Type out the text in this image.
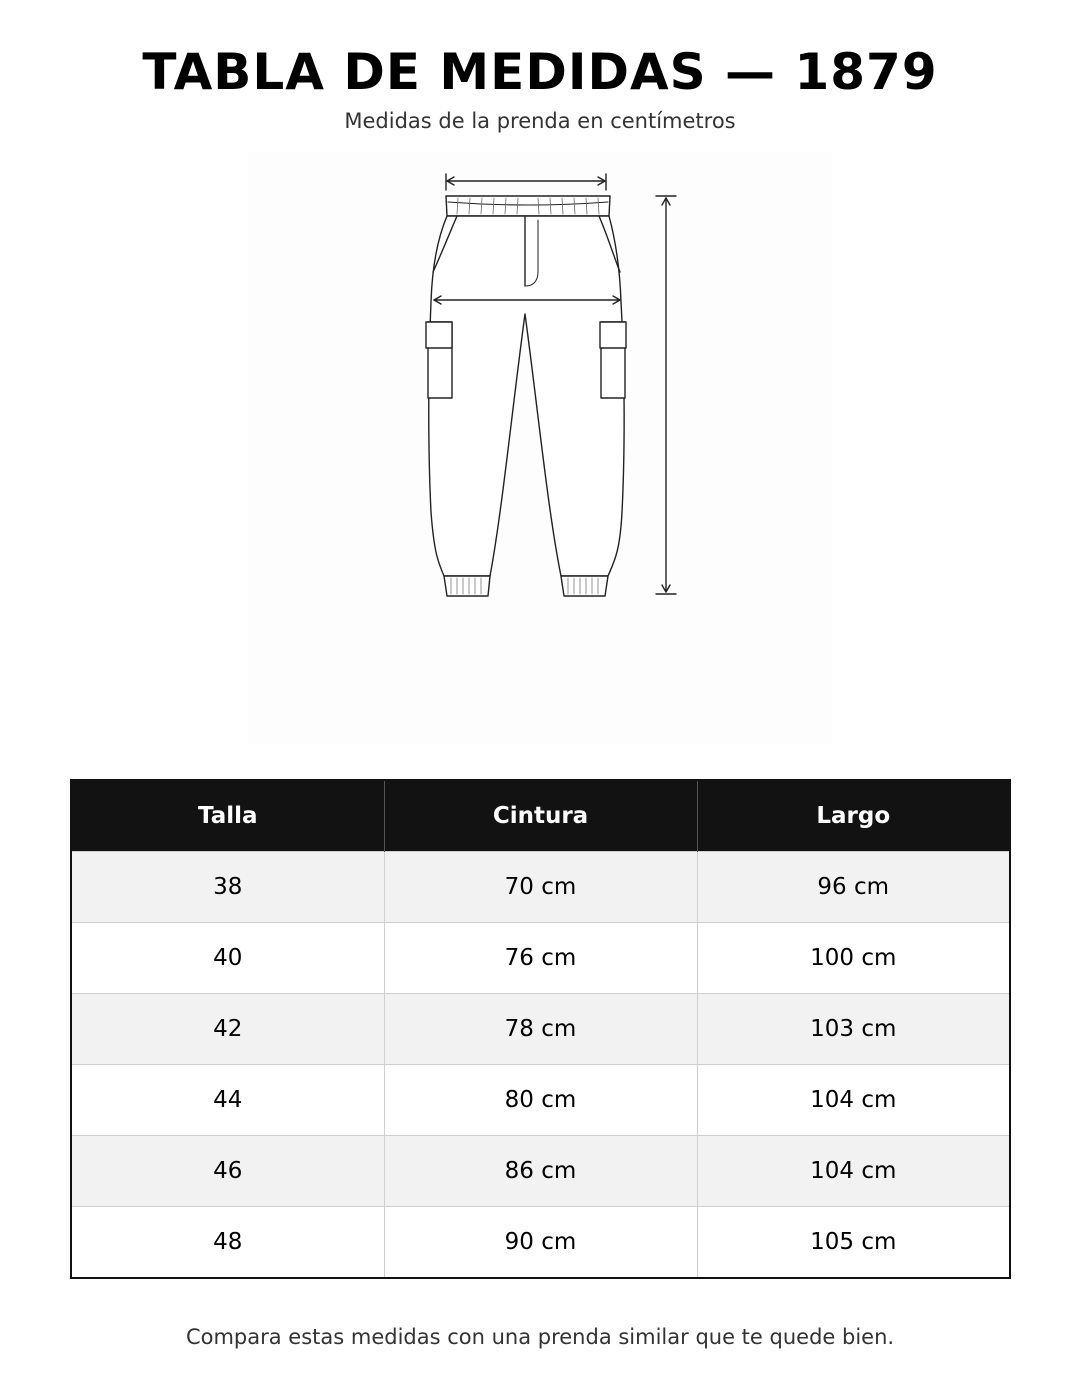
TABLA DE MEDIDAS — 1879
Medidas de la prenda en centímetros
Talla	Cintura	Largo
38	70 cm	96 cm
40	76 cm	100 cm
42	78 cm	103 cm
44	80 cm	104 cm
46	86 cm	104 cm
48	90 cm	105 cm
Compara estas medidas con una prenda similar que te quede bien.
